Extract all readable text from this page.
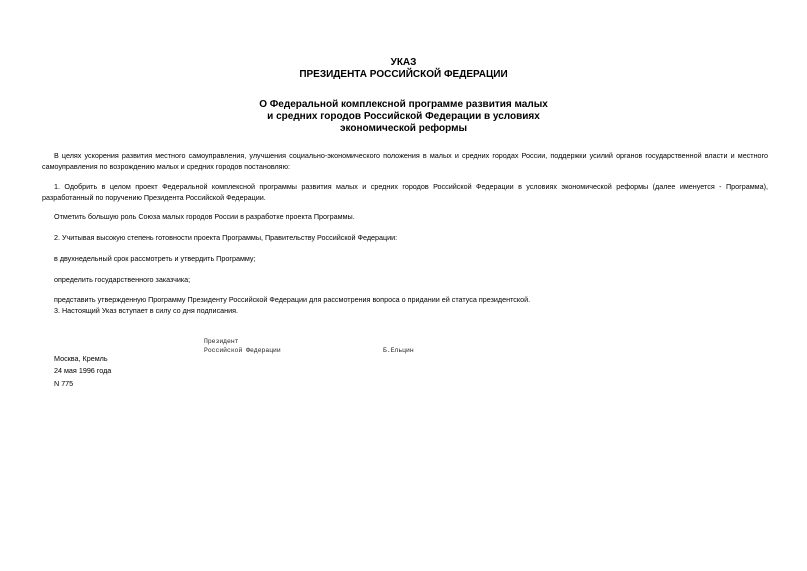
УКАЗ
ПРЕЗИДЕНТА РОССИЙСКОЙ ФЕДЕРАЦИИ
О Федеральной комплексной программе развития малых
и средних городов Российской Федерации в условиях
экономической реформы

В целях ускорения развития местного самоуправления, улучшения социально-экономического положения в малых и средних городах России, поддержки усилий органов государственной власти и местного самоуправления по возрождению малых и средних городов постановляю:

1. Одобрить в целом проект Федеральной комплексной программы развития малых и средних городов Российской Федерации в условиях экономической реформы (далее именуется - Программа), разработанный по поручению Президента Российской Федерации.

Отметить большую роль Союза малых городов России в разработке проекта Программы.

2. Учитывая высокую степень готовности проекта Программы, Правительству Российской Федерации:

в двухнедельный срок рассмотреть и утвердить Программу;

определить государственного заказчика;

представить утвержденную Программу Президенту Российской Федерации для рассмотрения вопроса о придании ей статуса президентской.

3. Настоящий Указ вступает в силу со дня подписания.

Президент
Российской Федерации	Б.Ельцин
Москва, Кремль
24 мая 1996 года
N 775
